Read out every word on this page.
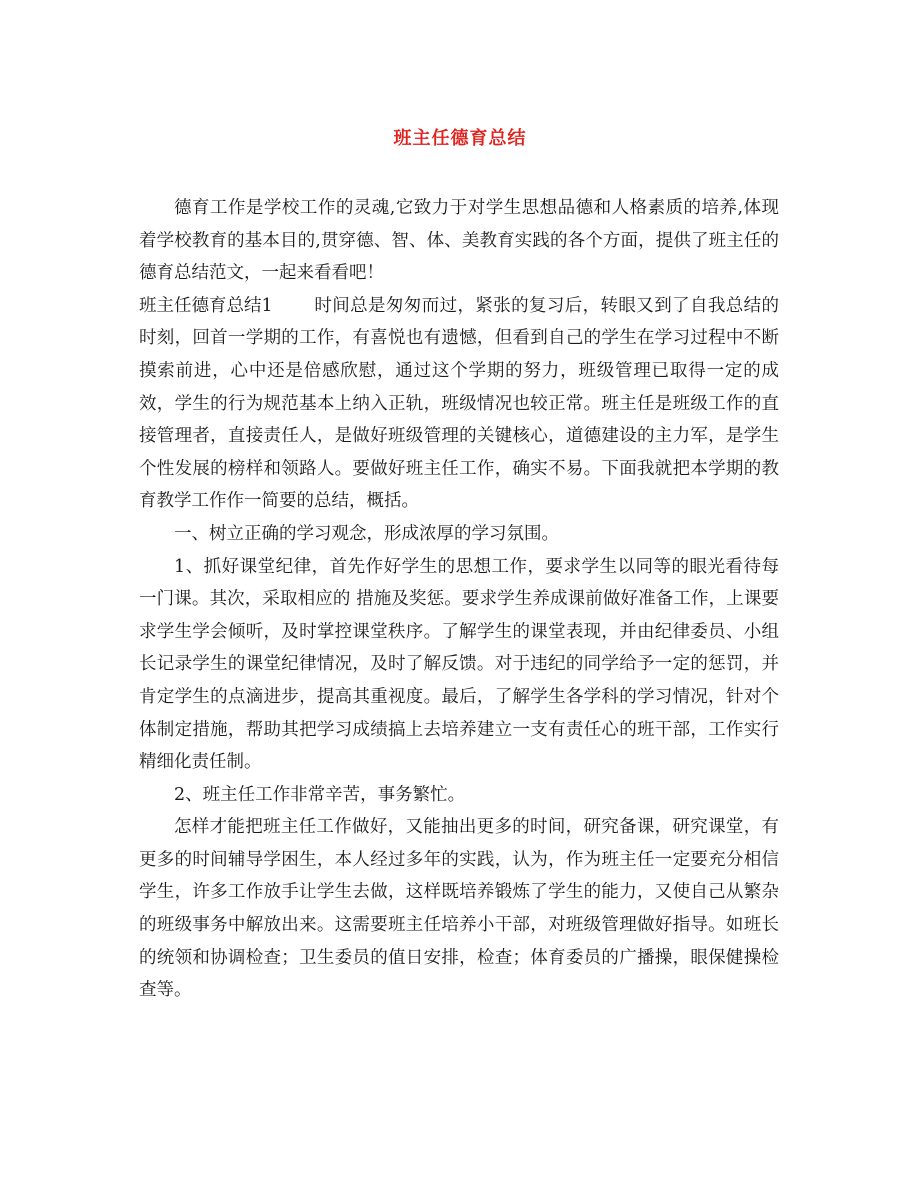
班主任德育总结

德育工作是学校工作的灵魂,它致力于对学生思想品德和人格素质的培养,体现着学校教育的基本目的,贯穿德、智、体、美教育实践的各个方面，提供了班主任的德育总结范文，一起来看看吧！

班主任德育总结1 时间总是匆匆而过，紧张的复习后，转眼又到了自我总结的时刻，回首一学期的工作，有喜悦也有遗憾，但看到自己的学生在学习过程中不断摸索前进，心中还是倍感欣慰，通过这个学期的努力，班级管理已取得一定的成效，学生的行为规范基本上纳入正轨，班级情况也较正常。班主任是班级工作的直接管理者，直接责任人，是做好班级管理的关键核心，道德建设的主力军，是学生个性发展的榜样和领路人。要做好班主任工作，确实不易。下面我就把本学期的教育教学工作作一简要的总结，概括。

一、树立正确的学习观念，形成浓厚的学习氛围。

1、抓好课堂纪律，首先作好学生的思想工作，要求学生以同等的眼光看待每一门课。其次，采取相应的 措施及奖惩。要求学生养成课前做好准备工作，上课要求学生学会倾听，及时掌控课堂秩序。了解学生的课堂表现，并由纪律委员、小组长记录学生的课堂纪律情况，及时了解反馈。对于违纪的同学给予一定的惩罚，并肯定学生的点滴进步，提高其重视度。最后，了解学生各学科的学习情况，针对个体制定措施，帮助其把学习成绩搞上去培养建立一支有责任心的班干部，工作实行精细化责任制。

2、班主任工作非常辛苦，事务繁忙。

怎样才能把班主任工作做好，又能抽出更多的时间，研究备课，研究课堂，有更多的时间辅导学困生，本人经过多年的实践，认为，作为班主任一定要充分相信学生，许多工作放手让学生去做，这样既培养锻炼了学生的能力，又使自己从繁杂的班级事务中解放出来。这需要班主任培养小干部，对班级管理做好指导。如班长的统领和协调检查；卫生委员的值日安排，检查；体育委员的广播操，眼保健操检查等。
